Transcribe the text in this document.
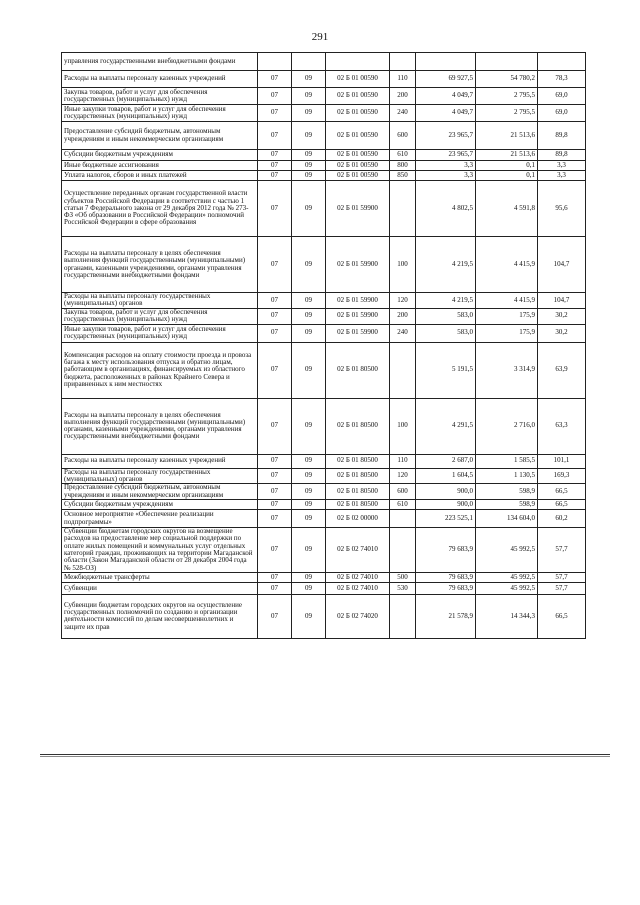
291
управления государственными внебюджетными фондами							
Расходы на выплаты персоналу казенных учреждений	07	09	02 Б 01 00590	110	69 927,5	54 780,2	78,3
Закупка товаров, работ и услуг для обеспечения государственных (муниципальных) нужд	07	09	02 Б 01 00590	200	4 049,7	2 795,5	69,0
Иные закупки товаров, работ и услуг для обеспечения государственных (муниципальных) нужд	07	09	02 Б 01 00590	240	4 049,7	2 795,5	69,0
Предоставление субсидий бюджетным, автономным учреждениям и иным некоммерческим организациям	07	09	02 Б 01 00590	600	23 965,7	21 513,6	89,8
Субсидии бюджетным учреждениям	07	09	02 Б 01 00590	610	23 965,7	21 513,6	89,8
Иные бюджетные ассигнования	07	09	02 Б 01 00590	800	3,3	0,1	3,3
Уплата налогов, сборов и иных платежей	07	09	02 Б 01 00590	850	3,3	0,1	3,3
Осуществление переданных органам государственной власти субъектов Российской Федерации в соответствии с частью 1 статьи 7 Федерального закона от 29 декабря 2012 года № 273-ФЗ «Об образовании в Российской Федерации» полномочий Российской Федерации в сфере образования	07	09	02 Б 01 59900		4 802,5	4 591,8	95,6
Расходы на выплаты персоналу в целях обеспечения выполнения функций государственными (муниципальными) органами, казенными учреждениями, органами управления государственными внебюджетными фондами	07	09	02 Б 01 59900	100	4 219,5	4 415,9	104,7
Расходы на выплаты персоналу государственных (муниципальных) органов	07	09	02 Б 01 59900	120	4 219,5	4 415,9	104,7
Закупка товаров, работ и услуг для обеспечения государственных (муниципальных) нужд	07	09	02 Б 01 59900	200	583,0	175,9	30,2
Иные закупки товаров, работ и услуг для обеспечения государственных (муниципальных) нужд	07	09	02 Б 01 59900	240	583,0	175,9	30,2
Компенсация расходов на оплату стоимости проезда и провоза багажа к месту использования отпуска и обратно лицам, работающим в организациях, финансируемых из областного бюджета, расположенных в районах Крайнего Севера и приравненных к ним местностях	07	09	02 Б 01 80500		5 191,5	3 314,9	63,9
Расходы на выплаты персоналу в целях обеспечения выполнения функций государственными (муниципальными) органами, казенными учреждениями, органами управления государственными внебюджетными фондами	07	09	02 Б 01 80500	100	4 291,5	2 716,0	63,3
Расходы на выплаты персоналу казенных учреждений	07	09	02 Б 01 80500	110	2 687,0	1 585,5	101,1
Расходы на выплаты персоналу государственных (муниципальных) органов	07	09	02 Б 01 80500	120	1 604,5	1 130,5	169,3
Предоставление субсидий бюджетным, автономным учреждениям и иным некоммерческим организациям	07	09	02 Б 01 80500	600	900,0	598,9	66,5
Субсидии бюджетным учреждениям	07	09	02 Б 01 80500	610	900,0	598,9	66,5
Основное мероприятие «Обеспечение реализации подпрограммы»	07	09	02 Б 02 00000		223 525,1	134 604,0	60,2
Субвенции бюджетам городских округов на возмещение расходов на предоставление мер социальной поддержки по оплате жилых помещений и коммунальных услуг отдельных категорий граждан, проживающих на территории Магаданской области (Закон Магаданской области от 28 декабря 2004 года № 528-ОЗ)	07	09	02 Б 02 74010		79 683,9	45 992,5	57,7
Межбюджетные трансферты	07	09	02 Б 02 74010	500	79 683,9	45 992,5	57,7
Субвенции	07	09	02 Б 02 74010	530	79 683,9	45 992,5	57,7
Субвенции бюджетам городских округов на осуществление государственных полномочий по созданию и организации деятельности комиссий по делам несовершеннолетних и защите их прав	07	09	02 Б 02 74020		21 578,9	14 344,3	66,5
